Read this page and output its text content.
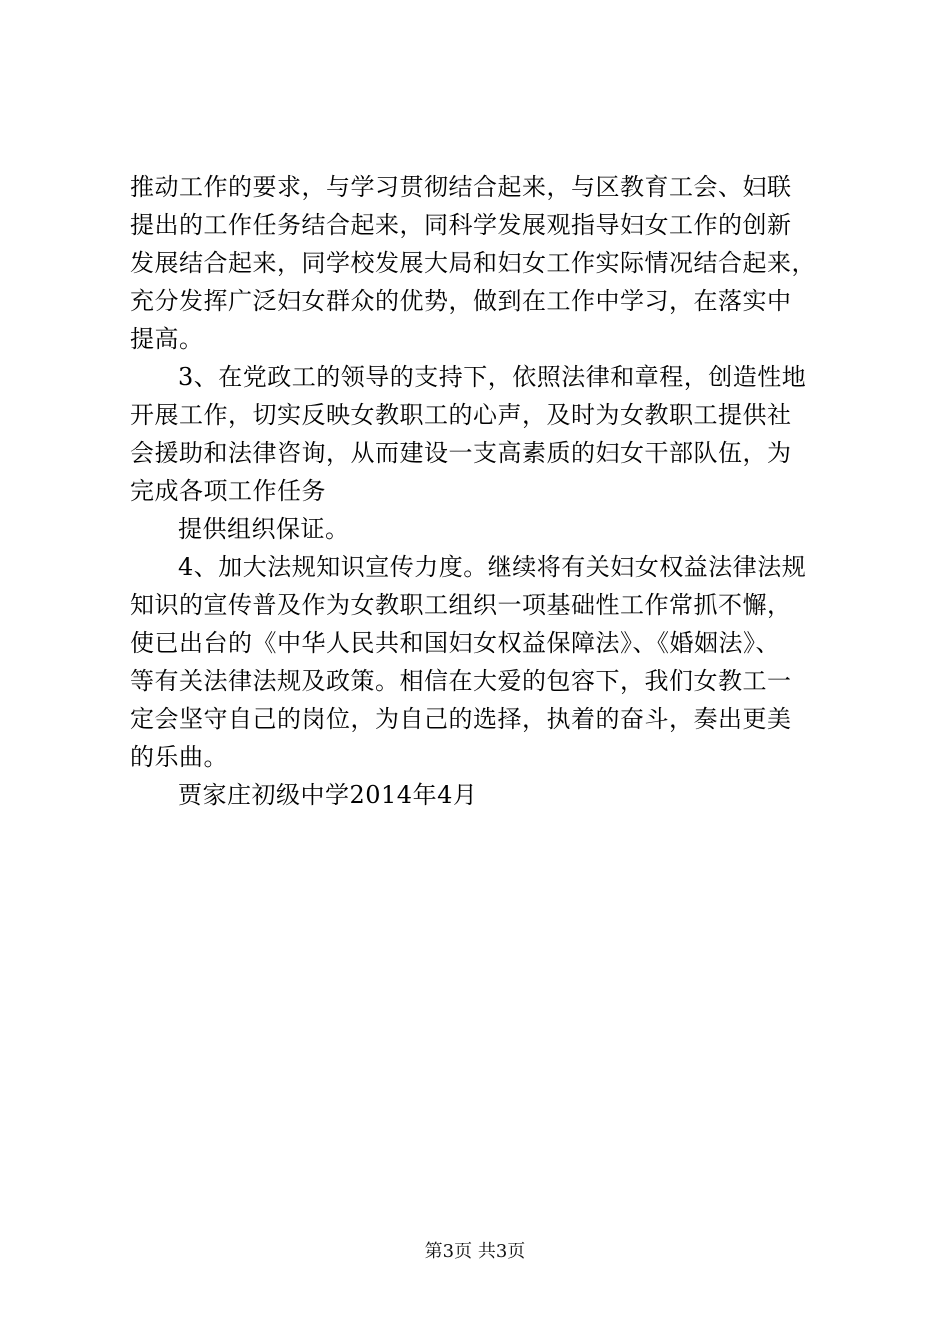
推动工作的要求，与学习贯彻结合起来，与区教育工会、妇联
提出的工作任务结合起来，同科学发展观指导妇女工作的创新
发展结合起来，同学校发展大局和妇女工作实际情况结合起来，
充分发挥广泛妇女群众的优势，做到在工作中学习，在落实中
提高。
3、在党政工的领导的支持下，依照法律和章程，创造性地
开展工作，切实反映女教职工的心声，及时为女教职工提供社
会援助和法律咨询，从而建设一支高素质的妇女干部队伍，为
完成各项工作任务
提供组织保证。
4、加大法规知识宣传力度。继续将有关妇女权益法律法规
知识的宣传普及作为女教职工组织一项基础性工作常抓不懈，
使已出台的《中华人民共和国妇女权益保障法》、《婚姻法》、
等有关法律法规及政策。相信在大爱的包容下，我们女教工一
定会坚守自己的岗位，为自己的选择，执着的奋斗，奏出更美
的乐曲。
贾家庄初级中学2014年4月
第3页 共3页
